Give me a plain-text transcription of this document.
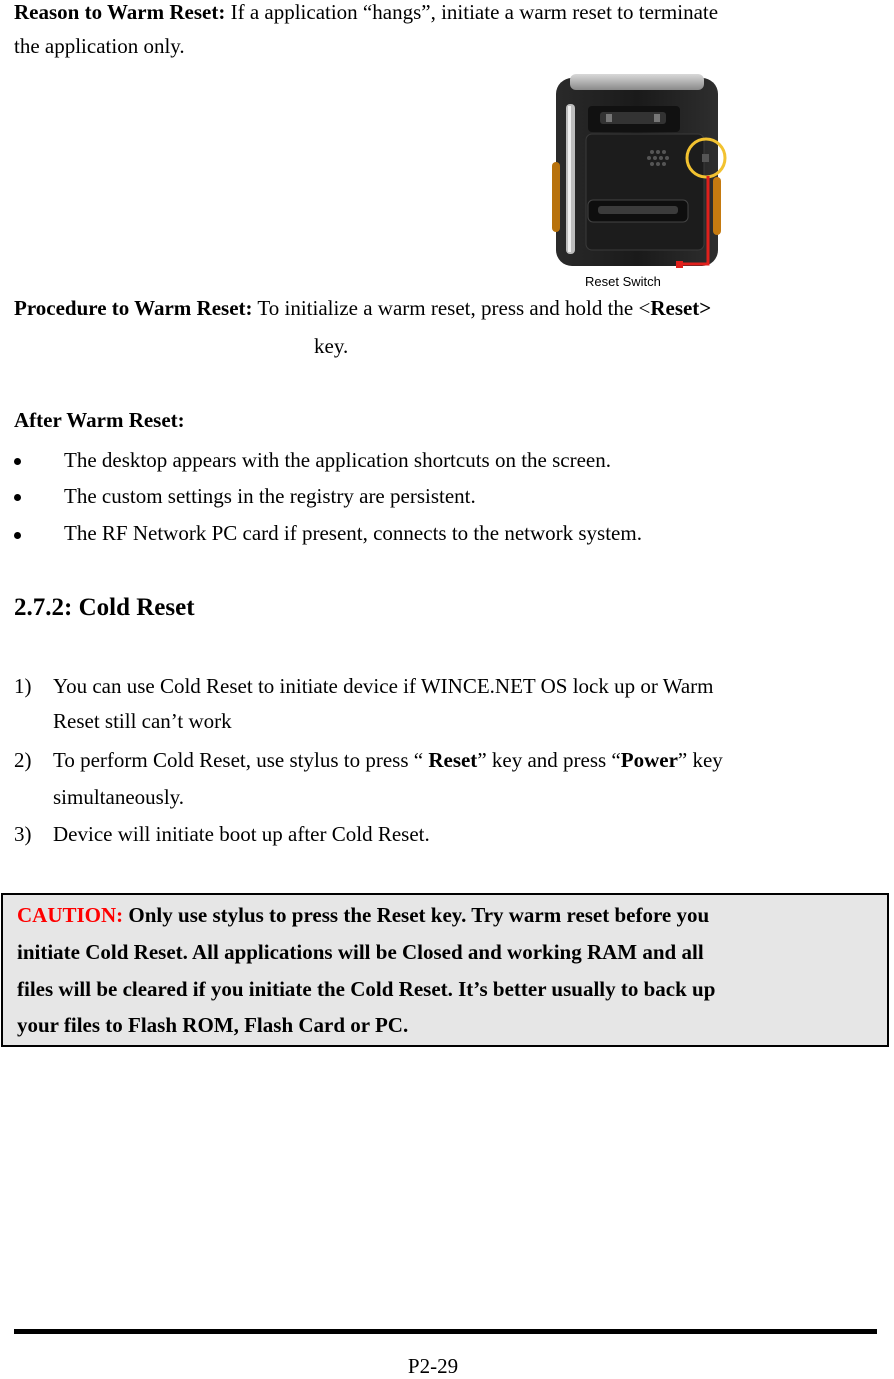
Reason to Warm Reset: If a application “hangs”, initiate a warm reset to terminate
the application only.
Reset Switch
Procedure to Warm Reset: To initialize a warm reset, press and hold the <Reset>
key.
After Warm Reset:
The desktop appears with the application shortcuts on the screen.
The custom settings in the registry are persistent.
The RF Network PC card if present, connects to the network system.
2.7.2: Cold Reset
1) You can use Cold Reset to initiate device if WINCE.NET OS lock up or Warm
Reset still can’t work
2) To perform Cold Reset, use stylus to press “ Reset” key and press “Power” key
simultaneously.
3) Device will initiate boot up after Cold Reset.
CAUTION: Only use stylus to press the Reset key. Try warm reset before you
initiate Cold Reset. All applications will be Closed and working RAM and all
files will be cleared if you initiate the Cold Reset. It’s better usually to back up
your files to Flash ROM, Flash Card or PC.
P2-29
